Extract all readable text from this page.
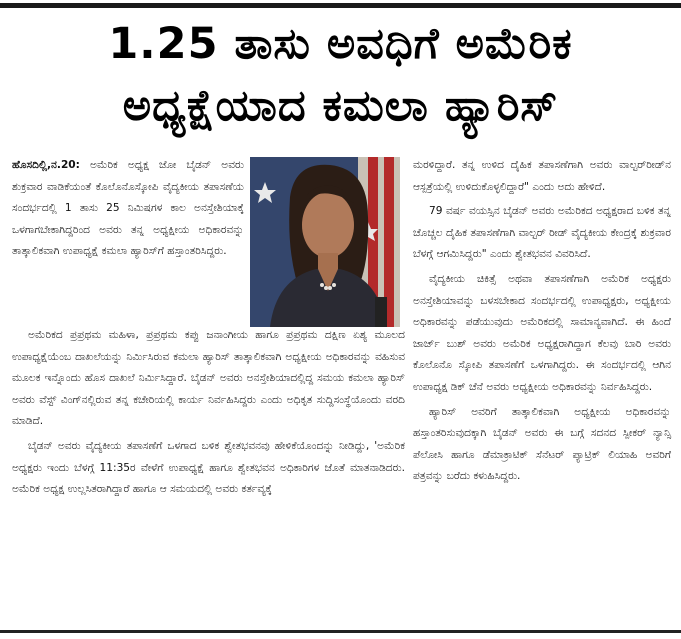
1.25 ತಾಸು ಅವಧಿಗೆ ಅಮೆರಿಕ
ಅಧ್ಯಕ್ಷೆಯಾದ ಕಮಲಾ ಹ್ಯಾರಿಸ್

ಹೊಸದಿಲ್ಲಿ,ನ.20: ಅಮೆರಿಕ ಅಧ್ಯಕ್ಷ ಜೋ ಬೈಡನ್ ಅವರು ಶುಕ್ರವಾರ ವಾಡಿಕೆಯಂತೆ ಕೊಲೊನೊಸ್ಕೋಪಿ ವೈದ್ಯಕೀಯ ತಪಾಸಣೆಯ ಸಂದರ್ಭದಲ್ಲಿ 1 ತಾಸು 25 ನಿಮಿಷಗಳ ಕಾಲ ಅನಸ್ತೇಶಿಯಾಕ್ಕೆ ಒಳಗಾಗಬೇಕಾಗಿದ್ದರಿಂದ ಅವರು ತನ್ನ ಅಧ್ಯಕ್ಷೀಯ ಅಧಿಕಾರವನ್ನು ತಾತ್ಕಾಲಿಕವಾಗಿ ಉಪಾಧ್ಯಕ್ಷೆ ಕಮಲಾ ಹ್ಯಾರಿಸ್‌ಗೆ ಹಸ್ತಾಂತರಿಸಿದ್ದರು.

ಅಮೆರಿಕದ ಪ್ರಪ್ರಥಮ ಮಹಿಳಾ, ಪ್ರಪ್ರಥಮ ಕಪ್ಪು ಜನಾಂಗೀಯ ಹಾಗೂ ಪ್ರಪ್ರಥಮ ದಕ್ಷಿಣ ಏಶ್ಯ ಮೂಲದ ಉಪಾಧ್ಯಕ್ಷೆಯೆಂಬ ದಾಖಲೆಯನ್ನು ನಿರ್ಮಿಸಿರುವ ಕಮಲಾ ಹ್ಯಾರಿಸ್ ತಾತ್ಕಾಲಿಕವಾಗಿ ಅಧ್ಯಕ್ಷೀಯ ಅಧಿಕಾರವನ್ನು ವಹಿಸುವ ಮೂಲಕ ಇನ್ನೊಂದು ಹೊಸ ದಾಖಲೆ ನಿರ್ಮಿಸಿದ್ದಾರೆ. ಬೈಡನ್ ಅವರು ಅನಸ್ತೇಶಿಯಾದಲ್ಲಿದ್ದ ಸಮಯ ಕಮಲಾ ಹ್ಯಾರಿಸ್ ಅವರು ವೆಸ್ಟ್ ವಿಂಗ್‌ನಲ್ಲಿರುವ ತನ್ನ ಕಚೇರಿಯಲ್ಲಿ ಕಾರ್ಯ ನಿರ್ವಹಿಸಿದ್ದರು ಎಂದು ಅಧಿಕೃತ ಸುದ್ದಿಸಂಸ್ಥೆಯೊಂದು ವರದಿ ಮಾಡಿದೆ.

ಬೈಡನ್ ಅವರು ವೈದ್ಯಕೀಯ ತಪಾಸಣೆಗೆ ಒಳಗಾದ ಬಳಿಕ ಶ್ವೇತಭವನವು ಹೇಳಿಕೆಯೊಂದನ್ನು ನೀಡಿದ್ದು, 'ಅಮೆರಿಕ ಅಧ್ಯಕ್ಷರು ಇಂದು ಬೆಳಗ್ಗೆ 11:35ರ ವೇಳೆಗೆ ಉಪಾಧ್ಯಕ್ಷೆ ಹಾಗೂ ಶ್ವೇತಭವನ ಅಧಿಕಾರಿಗಳ ಜೊತೆ ಮಾತನಾಡಿದರು. ಅಮೆರಿಕ ಅಧ್ಯಕ್ಷ ಉಲ್ಲಸಿತರಾಗಿದ್ದಾರೆ ಹಾಗೂ ಆ ಸಮಯದಲ್ಲಿ ಅವರು ಕರ್ತವ್ಯಕ್ಕೆ

ಮರಳಿದ್ದಾರೆ. ತನ್ನ ಉಳಿದ ದೈಹಿಕ ತಪಾಸಣೆಗಾಗಿ ಅವರು ವಾಲ್ಟರ್‌ರೀಡ್‌ನ ಆಸ್ಪತ್ರೆಯಲ್ಲಿ ಉಳಿದುಕೊಳ್ಳಲಿದ್ದಾರೆ" ಎಂದು ಅದು ಹೇಳಿದೆ.

79 ವರ್ಷ ವಯಸ್ಸಿನ ಬೈಡನ್ ಅವರು ಅಮೆರಿಕದ ಅಧ್ಯಕ್ಷರಾದ ಬಳಿಕ ತನ್ನ ಚೊಚ್ಚಲ ದೈಹಿಕ ತಪಾಸಣೆಗಾಗಿ ವಾಲ್ಟರ್ ರೀಡ್ ವೈದ್ಯಕೀಯ ಕೇಂದ್ರಕ್ಕೆ ಶುಕ್ರವಾರ ಬೆಳಗ್ಗೆ ಆಗಮಿಸಿದ್ದರು" ಎಂದು ಶ್ವೇತಭವನ ವಿವರಿಸಿದೆ.

ವೈದ್ಯಕೀಯ ಚಿಕಿತ್ಸೆ ಅಥವಾ ತಪಾಸಣೆಗಾಗಿ ಅಮೆರಿಕ ಅಧ್ಯಕ್ಷರು ಅನಸ್ತೇಶಿಯಾವನ್ನು ಬಳಸಬೇಕಾದ ಸಂದರ್ಭದಲ್ಲಿ ಉಪಾಧ್ಯಕ್ಷರು, ಅಧ್ಯಕ್ಷೀಯ ಅಧಿಕಾರವನ್ನು ಪಡೆಯುವುದು ಅಮೆರಿಕದಲ್ಲಿ ಸಾಮಾನ್ಯವಾಗಿದೆ. ಈ ಹಿಂದೆ ಜಾರ್ಜ್ ಬುಶ್ ಅವರು ಅಮೆರಿಕ ಅಧ್ಯಕ್ಷರಾಗಿದ್ದಾಗ ಕೆಲವು ಬಾರಿ ಅವರು ಕೊಲೊನೊ ಸ್ಕೋಪಿ ತಪಾಸಣೆಗೆ ಒಳಗಾಗಿದ್ದರು. ಈ ಸಂದರ್ಭದಲ್ಲಿ ಆಗಿನ ಉಪಾಧ್ಯಕ್ಷ ಡಿಕ್ ಚೆನೆ ಅವರು ಅಧ್ಯಕ್ಷೀಯ ಅಧಿಕಾರವನ್ನು ನಿರ್ವಹಿಸಿದ್ದರು.

ಹ್ಯಾರಿಸ್ ಅವರಿಗೆ ತಾತ್ಕಾಲಿಕವಾಗಿ ಅಧ್ಯಕ್ಷೀಯ ಅಧಿಕಾರವನ್ನು ಹಸ್ತಾಂತರಿಸುವುದಕ್ಕಾಗಿ ಬೈಡನ್ ಅವರು ಈ ಬಗ್ಗೆ ಸದನದ ಸ್ಪೀಕರ್ ನ್ಯಾನ್ಸಿ ಪೆಲೋಸಿ ಹಾಗೂ ಡೆಮಾಕ್ರಾಟಿಕ್ ಸೆನೆಟರ್ ಪ್ಯಾಟ್ರಿಕ್ ಲಿಯಾಹಿ ಅವರಿಗೆ ಪತ್ರವನ್ನು ಬರೆದು ಕಳುಹಿಸಿದ್ದರು.
